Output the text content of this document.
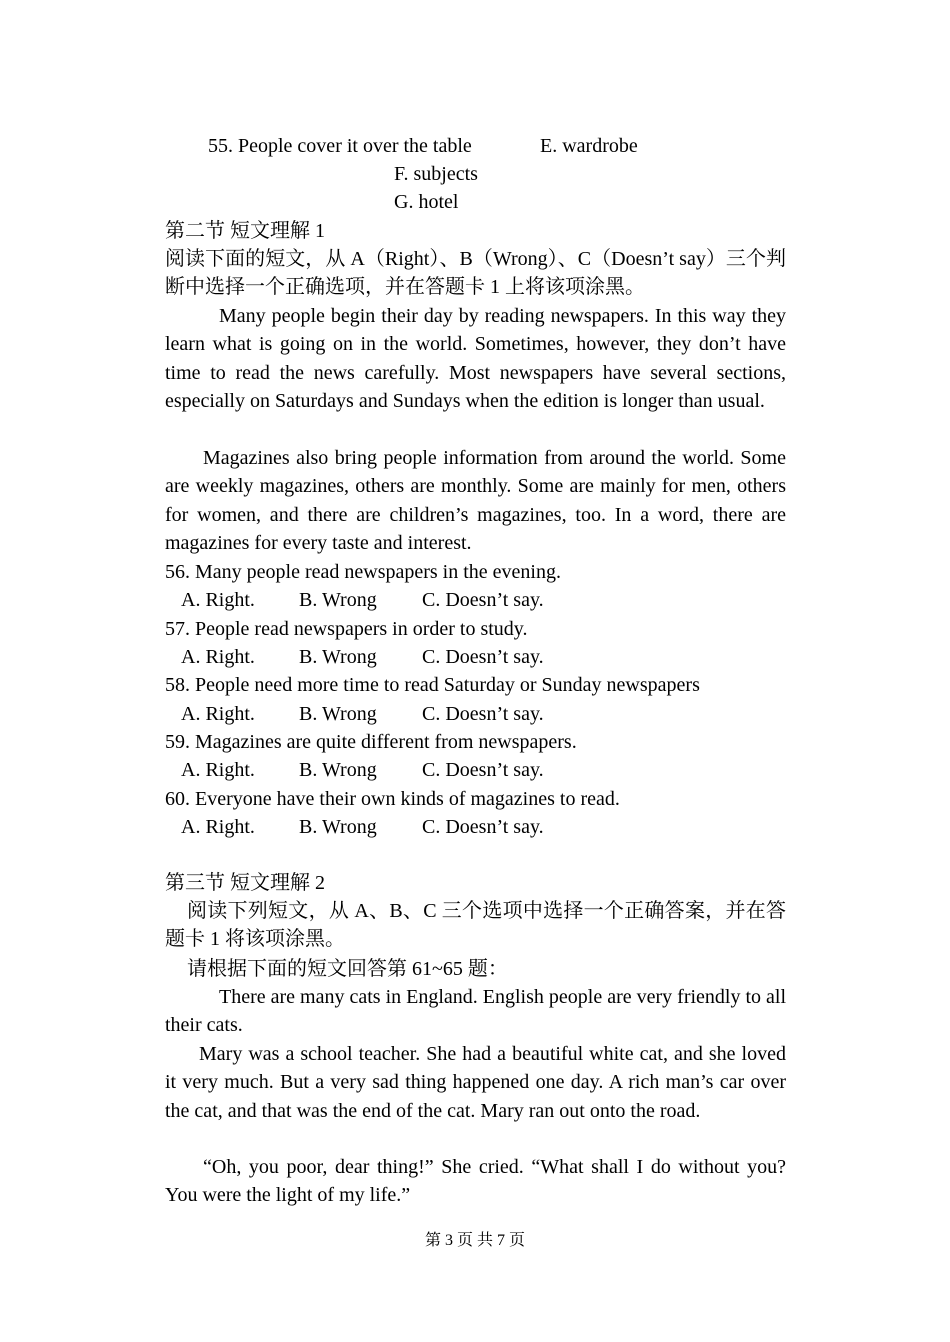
55. People cover it over the table	E. wardrobe
F. subjects
G. hotel
第二节 短文理解 1
阅读下面的短文，从 A（Right）、B（Wrong）、C（Doesn’t say）三个判断中选择一个正确选项，并在答题卡 1 上将该项涂黑。
Many people begin their day by reading newspapers. In this way they learn what is going on in the world. Sometimes, however, they don’t have time to read the news carefully. Most newspapers have several sections, especially on Saturdays and Sundays when the edition is longer than usual.
Magazines also bring people information from around the world. Some are weekly magazines, others are monthly. Some are mainly for men, others for women, and there are children’s magazines, too. In a word, there are magazines for every taste and interest.
56. Many people read newspapers in the evening.
A. Right. B. Wrong C. Doesn’t say.
57. People read newspapers in order to study.
A. Right. B. Wrong C. Doesn’t say.
58. People need more time to read Saturday or Sunday newspapers
A. Right. B. Wrong C. Doesn’t say.
59. Magazines are quite different from newspapers.
A. Right. B. Wrong C. Doesn’t say.
60. Everyone have their own kinds of magazines to read.
A. Right. B. Wrong C. Doesn’t say.
第三节 短文理解 2
阅读下列短文，从 A、B、C 三个选项中选择一个正确答案，并在答题卡 1 将该项涂黑。
请根据下面的短文回答第 61~65 题：
There are many cats in England. English people are very friendly to all their cats.
Mary was a school teacher. She had a beautiful white cat, and she loved it very much. But a very sad thing happened one day. A rich man’s car over the cat, and that was the end of the cat. Mary ran out onto the road.
“Oh, you poor, dear thing!” She cried. “What shall I do without you? You were the light of my life.”
第 3 页 共 7 页
